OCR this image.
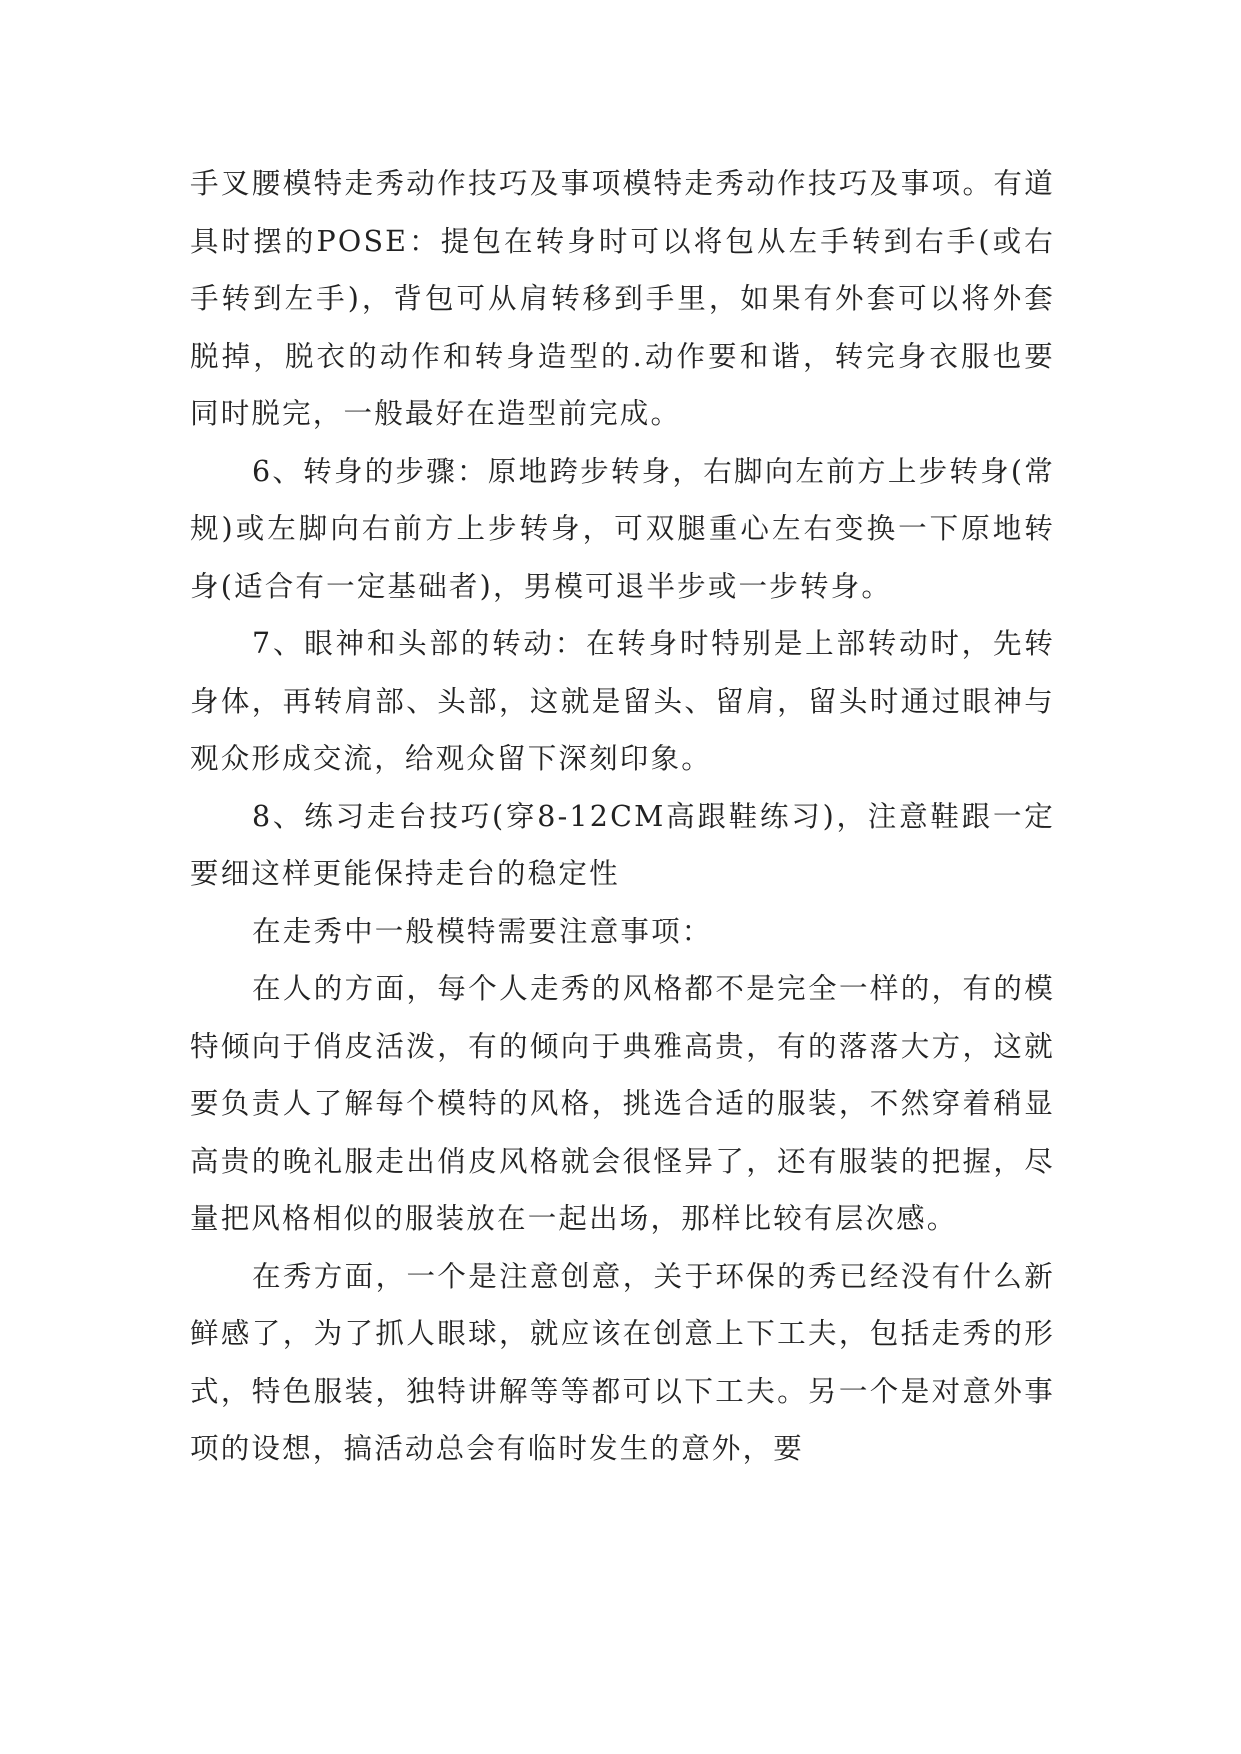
手叉腰模特走秀动作技巧及事项模特走秀动作技巧及事项。有道具时摆的POSE：提包在转身时可以将包从左手转到右手(或右手转到左手)，背包可从肩转移到手里，如果有外套可以将外套脱掉，脱衣的动作和转身造型的.动作要和谐，转完身衣服也要同时脱完，一般最好在造型前完成。

6、转身的步骤：原地跨步转身，右脚向左前方上步转身(常规)或左脚向右前方上步转身，可双腿重心左右变换一下原地转身(适合有一定基础者)，男模可退半步或一步转身。

7、眼神和头部的转动：在转身时特别是上部转动时，先转身体，再转肩部、头部，这就是留头、留肩，留头时通过眼神与观众形成交流，给观众留下深刻印象。

8、练习走台技巧(穿8-12CM高跟鞋练习)，注意鞋跟一定要细这样更能保持走台的稳定性

在走秀中一般模特需要注意事项：

在人的方面，每个人走秀的风格都不是完全一样的，有的模特倾向于俏皮活泼，有的倾向于典雅高贵，有的落落大方，这就要负责人了解每个模特的风格，挑选合适的服装，不然穿着稍显高贵的晚礼服走出俏皮风格就会很怪异了，还有服装的把握，尽量把风格相似的服装放在一起出场，那样比较有层次感。

在秀方面，一个是注意创意，关于环保的秀已经没有什么新鲜感了，为了抓人眼球，就应该在创意上下工夫，包括走秀的形式，特色服装，独特讲解等等都可以下工夫。另一个是对意外事项的设想，搞活动总会有临时发生的意外，要
